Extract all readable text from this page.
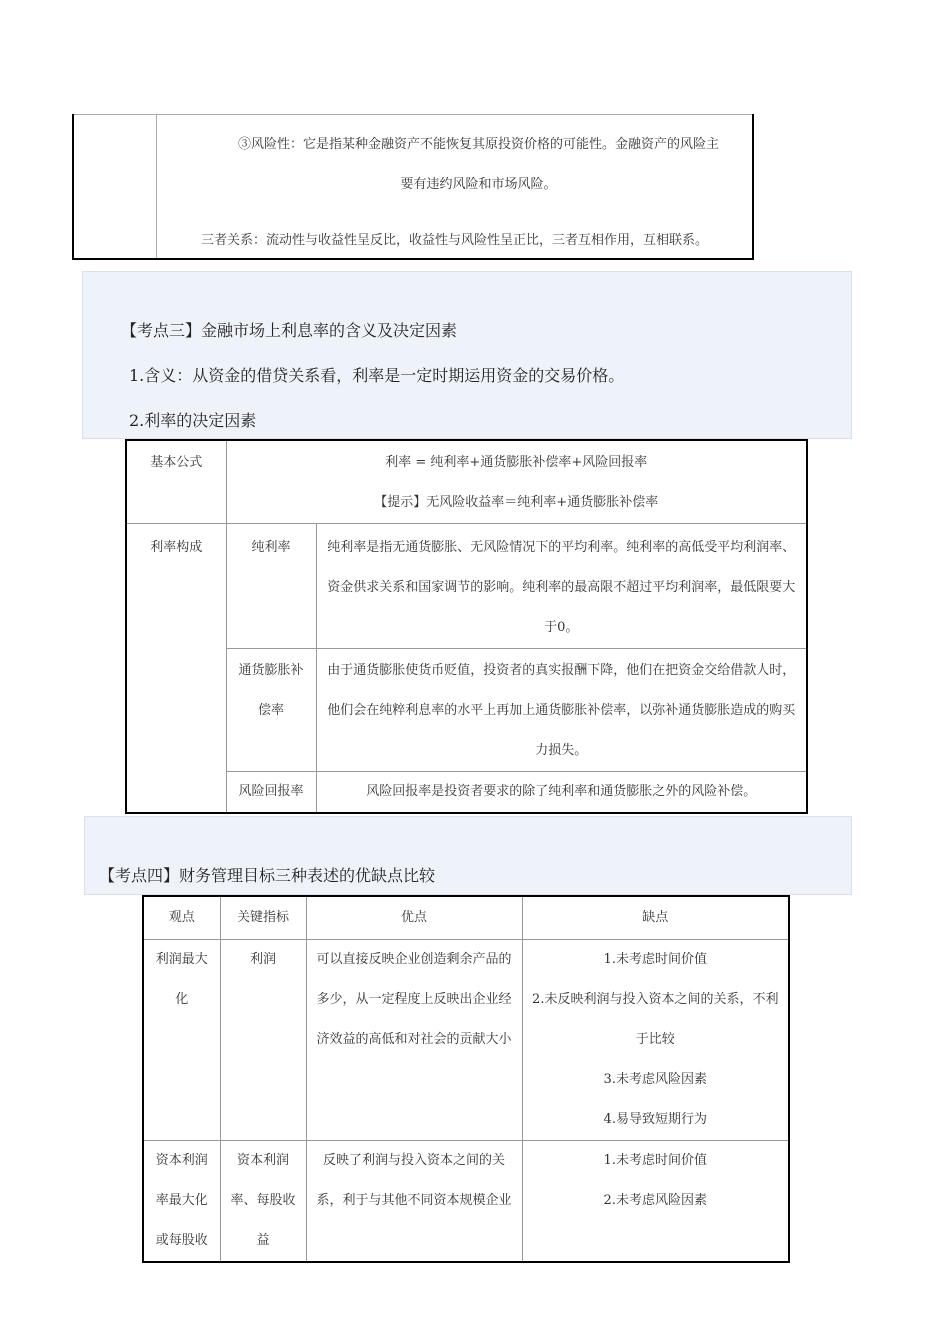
③风险性：它是指某种金融资产不能恢复其原投资价格的可能性。金融资产的风险主
要有违约风险和市场风险。
三者关系：流动性与收益性呈反比，收益性与风险性呈正比，三者互相作用，互相联系。
【考点三】金融市场上利息率的含义及决定因素
1.含义：从资金的借贷关系看，利率是一定时期运用资金的交易价格。
2.利率的决定因素
基本公式	利率 = 纯利率+通货膨胀补偿率+风险回报率
【提示】无风险收益率＝纯利率+通货膨胀补偿率	

利率构成	纯利率	纯利率是指无通货膨胀、无风险情况下的平均利率。纯利率的高低受平均利润率、资金供求关系和国家调节的影响。纯利率的最高限不超过平均利润率，最低限要大于0。
	通货膨胀补偿率	由于通货膨胀使货币贬值，投资者的真实报酬下降，他们在把资金交给借款人时，他们会在纯粹利息率的水平上再加上通货膨胀补偿率，以弥补通货膨胀造成的购买力损失。
	风险回报率	风险回报率是投资者要求的除了纯利率和通货膨胀之外的风险补偿。
【考点四】财务管理目标三种表述的优缺点比较
观点	关键指标	优点	缺点
利润最大化	利润	可以直接反映企业创造剩余产品的多少，从一定程度上反映出企业经济效益的高低和对社会的贡献大小	1.未考虑时间价值
2.未反映利润与投入资本之间的关系，不利于比较
3.未考虑风险因素
4.易导致短期行为

资本利润率最大化或每股收	资本利润率、每股收益	反映了利润与投入资本之间的关系，利于与其他不同资本规模企业	1.未考虑时间价值
2.未考虑风险因素
